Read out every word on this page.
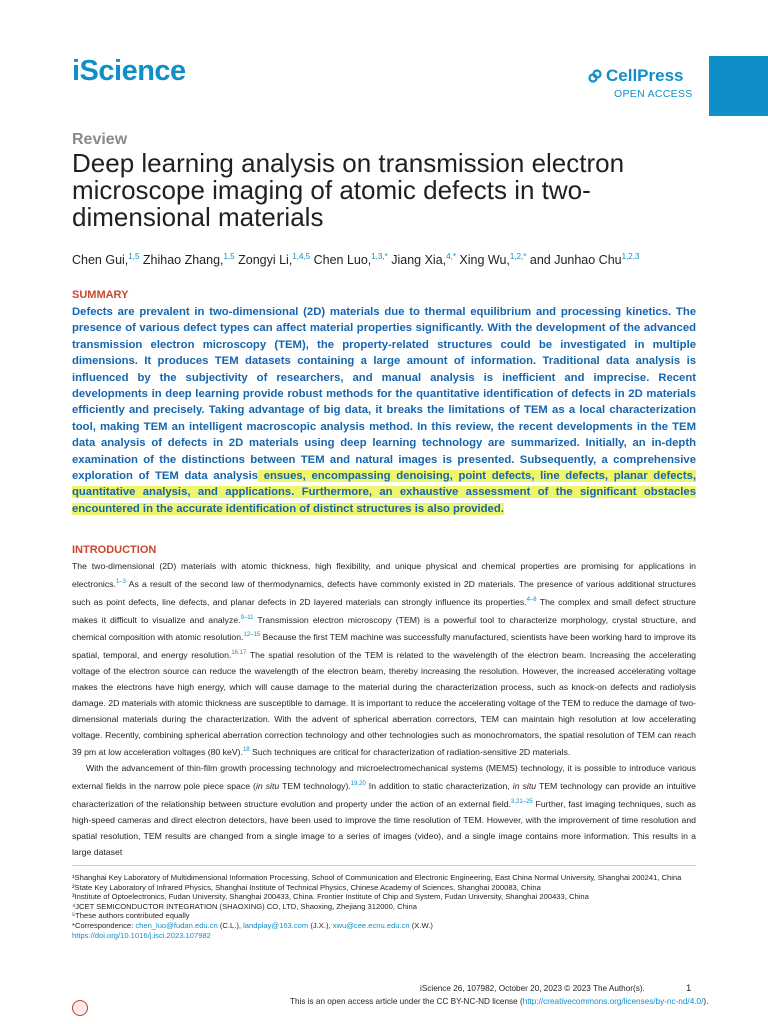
iScience	CellPress
OPEN ACCESS
Review
Deep learning analysis on transmission electron microscope imaging of atomic defects in two-dimensional materials
Chen Gui,$^{1,5}$ Zhihao Zhang,$^{1,5}$ Zongyi Li,$^{1,4,5}$ Chen Luo,$^{1,3,*}$ Jiang Xia,$^{4,*}$ Xing Wu,$^{1,2,*}$ and Junhao Chu$^{1,2,3}$
SUMMARY
Defects are prevalent in two-dimensional (2D) materials due to thermal equilibrium and processing kinetics. The presence of various defect types can affect material properties significantly. With the development of the advanced transmission electron microscopy (TEM), the property-related structures could be investigated in multiple dimensions. It produces TEM datasets containing a large amount of information. Traditional data analysis is influenced by the subjectivity of researchers, and manual analysis is inefficient and imprecise. Recent developments in deep learning provide robust methods for the quantitative identification of defects in 2D materials efficiently and precisely. Taking advantage of big data, it breaks the limitations of TEM as a local characterization tool, making TEM an intelligent macroscopic analysis method. In this review, the recent developments in the TEM data analysis of defects in 2D materials using deep learning technology are summarized. Initially, an in-depth examination of the distinctions between TEM and natural images is presented. Subsequently, a comprehensive exploration of TEM data analysis ensues, encompassing denoising, point defects, line defects, planar defects, quantitative analysis, and applications. Furthermore, an exhaustive assessment of the significant obstacles encountered in the accurate identification of distinct structures is also provided.
INTRODUCTION

The two-dimensional (2D) materials with atomic thickness, high flexibility, and unique physical and chemical properties are promising for applications in electronics.$^{1-3}$ As a result of the second law of thermodynamics, defects have commonly existed in 2D materials. The presence of various additional structures such as point defects, line defects, and planar defects in 2D layered materials can strongly influence its properties.$^{4-8}$ The complex and small defect structure makes it difficult to visualize and analyze.$^{9-11}$ Transmission electron microscopy (TEM) is a powerful tool to characterize morphology, crystal structure, and chemical composition with atomic resolution.$^{12-15}$ Because the first TEM machine was successfully manufactured, scientists have been working hard to improve its spatial, temporal, and energy resolution.$^{16,17}$ The spatial resolution of the TEM is related to the wavelength of the electron beam. Increasing the accelerating voltage of the electron source can reduce the wavelength of the electron beam, thereby increasing the resolution. However, the increased accelerating voltage makes the electrons have high energy, which will cause damage to the material during the characterization process, such as knock-on defects and radiolysis damage. 2D materials with atomic thickness are susceptible to damage. It is important to reduce the accelerating voltage of the TEM to reduce the damage of two-dimensional materials during the characterization. With the advent of spherical aberration correctors, TEM can maintain high resolution at low accelerating voltage. Recently, combining spherical aberration correction technology and other technologies such as monochromators, the spatial resolution of TEM can reach 39 pm at low acceleration voltages (80 keV).$^{18}$ Such techniques are critical for characterization of radiation-sensitive 2D materials.

With the advancement of thin-film growth processing technology and microelectromechanical systems (MEMS) technology, it is possible to introduce various external fields in the narrow pole piece space (in situ TEM technology).$^{19,20}$ In addition to static characterization, in situ TEM technology can provide an intuitive characterization of the relationship between structure evolution and property under the action of an external field.$^{3,21-25}$ Further, fast imaging techniques, such as high-speed cameras and direct electron detectors, have been used to improve the time resolution of TEM. However, with the improvement of time resolution and spatial resolution, TEM results are changed from a single image to a series of images (video), and a single image contains more information. This results in a large dataset

¹Shanghai Key Laboratory of Multidimensional Information Processing, School of Communication and Electronic Engineering, East China Normal University, Shanghai 200241, China
²State Key Laboratory of Infrared Physics, Shanghai Institute of Technical Physics, Chinese Academy of Sciences, Shanghai 200083, China
³Institute of Optoelectronics, Fudan University, Shanghai 200433, China. Frontier Institute of Chip and System, Fudan University, Shanghai 200433, China
⁴JCET SEMICONDUCTOR INTEGRATION (SHAOXING) CO, LTD, Shaoxing, Zhejiang 312000, China
⁵These authors contributed equally
*Correspondence: chen_luo@fudan.edu.cn (C.L.), landplay@163.com (J.X.), xwu@cee.ecnu.edu.cn (X.W.)
https://doi.org/10.1016/j.isci.2023.107982
iScience 26, 107982, October 20, 2023 © 2023 The Author(s).	1
This is an open access article under the CC BY-NC-ND license (http://creativecommons.org/licenses/by-nc-nd/4.0/).
